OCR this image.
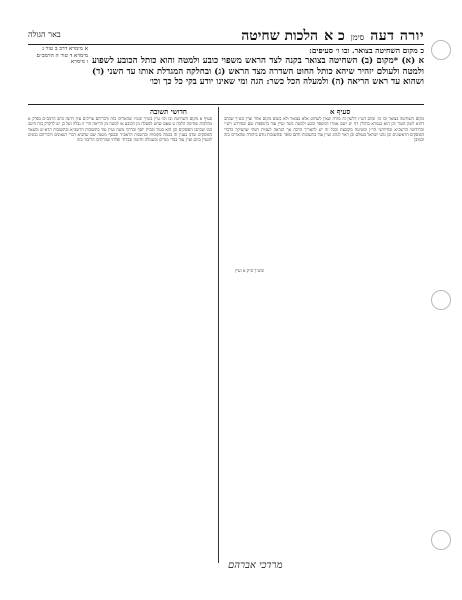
יורה דעה
סימן
כ א
הלכות שחיטה
באר הגולה
א מימרא דרב ב טור ג מימרא ד טור ה הרמב״ם ו מימרא
כ מקום השחיטה בצואר. ובו ו׳ סעיפים:
א (א) *מקום (ב) השחיטה בצואר בקנה לצד הראש משפוי כובע ולמטה והוא כותל הכובע לשפוע ולמטה ולעולם יזהיר שיהא כותל החוט השדרה מצד הראש (ג) ובחלקה המגדלת אותו עד השני (ד) ושהוא עד ראש הריאה (ה) ולמעלה הכל כשר: הגה ומי שאינו יודע בקי כל כך וכו׳
חדושי תשובה	סעיף א
סעיף א מקום השחיטה ובו וכו׳ עיין בש״ך ובט״ז שהאריכו בזה ודבריהם צריכים עיון דהנה כתב הרמב״ם בפרק א מהלכות שחיטה הלכה ט שאם שחט למעלה מן הכובע או למטה מן הריאה הרי זו נבלה ועל כן יש לדקדק בזה היטב כמו שכתבו הפוסקים וכן הוא בטור ובבית יוסף ובדרכי משה ועיין עוד בתשובות הרשב״א ובתשובות הרא״ש ובשאר הפוסקים שדנו בענין זה בכמה מקומות ובהשגות הראב״ד ובכסף משנה שם שהביא דברי הגאונים ודבריהם נכונים למעיין בהם ועיין עוד בפרי מגדים ובשמלה חדשה ובכרתי ופלתי שהרחיבו הדיבור בזה
מקום השחיטה בצואר ובו כו׳ וכתב הט״ז דלשון זה מורה שאין לשחוט אלא בצואר ולא בשום מקום אחר ועיין בש״ך שכתב דהוא לשון הטור וכן הוא בגמרא בחולין דף יט ושם אמרו דמשפוי כובע ולמטה כשר ועיין עוד בתוספות שם ובפירוש רש״י ובחידושי הרשב״א ובחידושי הר״ן ובשיטה מקובצת ובכל זה יש להאריך הרבה אך הנראה לעניות דעתי שהעיקר כדברי הפוסקים הראשונים וכן נהגו ישראל מעולם וכן ראוי לנהוג ועיין עוד בתשובות חתם סופר ובתשובות נודע ביהודה שהאריכו בזה וכמובן
ובש״ך ס״ק א ועיין
מרדכי אברהם
